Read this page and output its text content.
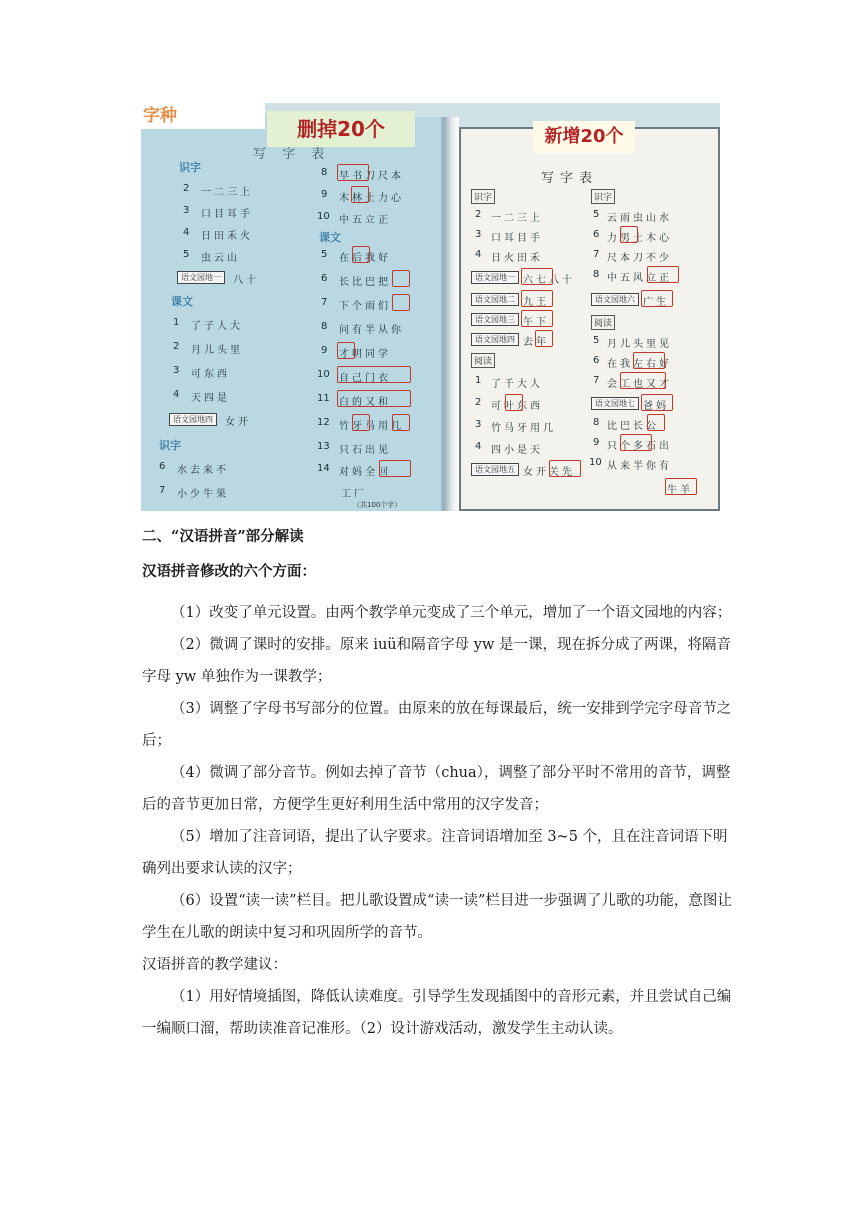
字种
删掉20个	新增20个
写 字 表
写字表
识字
2 一二三上
3 口目耳手
4 日田禾火
5 虫云山
语文园地一	八十
课文
1 了子人大
2 月儿头里
3 可东西
4 天四是
语文园地四	女开
识字
6 水去来不
7 小少牛果
8 早书刀尺本
9 木林土力心
10 中五立正
课文
5 在后我好
6 长比巴把
7 下个雨们
8 问有半从你
9 才明同学
10 自己门衣
11 白的又和
12 竹牙马用几
13 只石出见
14 对妈全回
工厂
（共100个字）
识字
2 一二三上
3 口耳目手
4 日火田禾
语文园地一 六七八十
语文园地二 九王
语文园地三 午下
语文园地四 去年
阅读
1 了千大人
2 可叶东西
3 竹马牙用几
4 四小是天
语文园地五 女开关先
识字
5 云雨虫山水
6 力男土木心
7 尺本刀不少
8 中五风立正
语文园地六 广生
阅读
5 月儿头里见
6 在我左右好
7 会工也又才
语文园地七 爸妈
8 比巴长公
9 只个多石出
10 从来半你有
牛羊
二、“汉语拼音”部分解读
汉语拼音修改的六个方面：

（1）改变了单元设置。由两个教学单元变成了三个单元，增加了一个语文园地的内容；

（2）微调了课时的安排。原来 iuü和隔音字母 yw 是一课，现在拆分成了两课，将隔音字母 yw 单独作为一课教学；

（3）调整了字母书写部分的位置。由原来的放在每课最后，统一安排到学完字母音节之后；

（4）微调了部分音节。例如去掉了音节（chua），调整了部分平时不常用的音节，调整后的音节更加日常，方便学生更好利用生活中常用的汉字发音；

（5）增加了注音词语，提出了认字要求。注音词语增加至 3~5 个，且在注音词语下明确列出要求认读的汉字；

（6）设置“读一读”栏目。把儿歌设置成“读一读”栏目进一步强调了儿歌的功能，意图让学生在儿歌的朗读中复习和巩固所学的音节。

汉语拼音的教学建议：

（1）用好情境插图，降低认读难度。引导学生发现插图中的音形元素，并且尝试自己编一编顺口溜，帮助读准音记准形。（2）设计游戏活动，激发学生主动认读。
